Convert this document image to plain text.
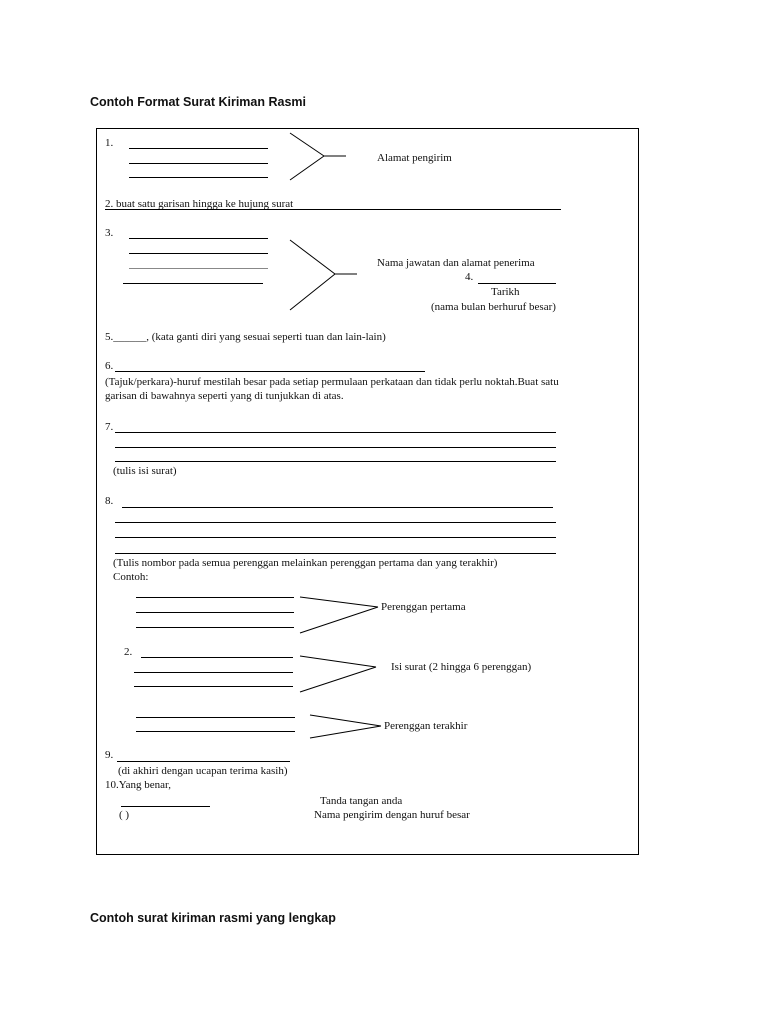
Contoh Format Surat Kiriman Rasmi
1.
Alamat pengirim
2. buat satu garisan hingga ke hujung surat
3.
Nama jawatan dan alamat penerima
4.
Tarikh
(nama bulan berhuruf besar)
5.______, (kata ganti diri yang sesuai seperti tuan dan lain-lain)
6.
(Tajuk/perkara)-huruf mestilah besar pada setiap permulaan perkataan dan tidak perlu noktah.Buat satu
garisan di bawahnya seperti yang di tunjukkan di atas.
7.
(tulis isi surat)
8.
(Tulis nombor pada semua perenggan melainkan perenggan pertama dan yang terakhir)
Contoh:
Perenggan pertama
2.
Isi surat (2 hingga 6 perenggan)
Perenggan terakhir
9.
(di akhiri dengan ucapan terima kasih)
10.Yang benar,
Tanda tangan anda
( )	Nama pengirim dengan huruf besar
Contoh surat kiriman rasmi yang lengkap
